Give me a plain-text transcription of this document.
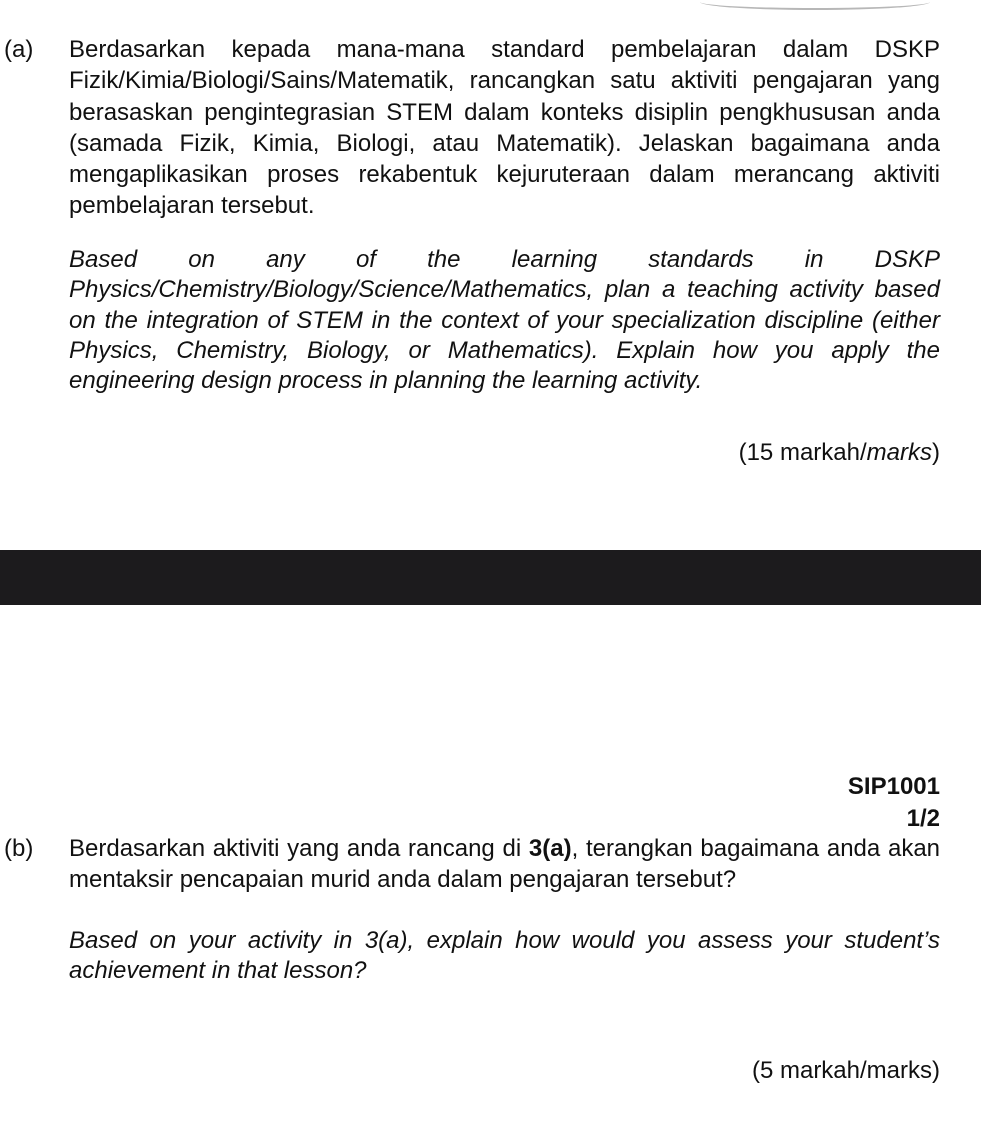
(a) Berdasarkan kepada mana-mana standard pembelajaran dalam DSKP Fizik/Kimia/Biologi/Sains/Matematik, rancangkan satu aktiviti pengajaran yang berasaskan pengintegrasian STEM dalam konteks disiplin pengkhususan anda (samada Fizik, Kimia, Biologi, atau Matematik). Jelaskan bagaimana anda mengaplikasikan proses rekabentuk kejuruteraan dalam merancang aktiviti pembelajaran tersebut.

Based on any of the learning standards in DSKP Physics/Chemistry/Biology/Science/Mathematics, plan a teaching activity based on the integration of STEM in the context of your specialization discipline (either Physics, Chemistry, Biology, or Mathematics). Explain how you apply the engineering design process in planning the learning activity.

(15 markah/marks)
SIP1001
1/2
(b) Berdasarkan aktiviti yang anda rancang di 3(a), terangkan bagaimana anda akan mentaksir pencapaian murid anda dalam pengajaran tersebut?

Based on your activity in 3(a), explain how would you assess your student’s achievement in that lesson?

(5 markah/marks)
